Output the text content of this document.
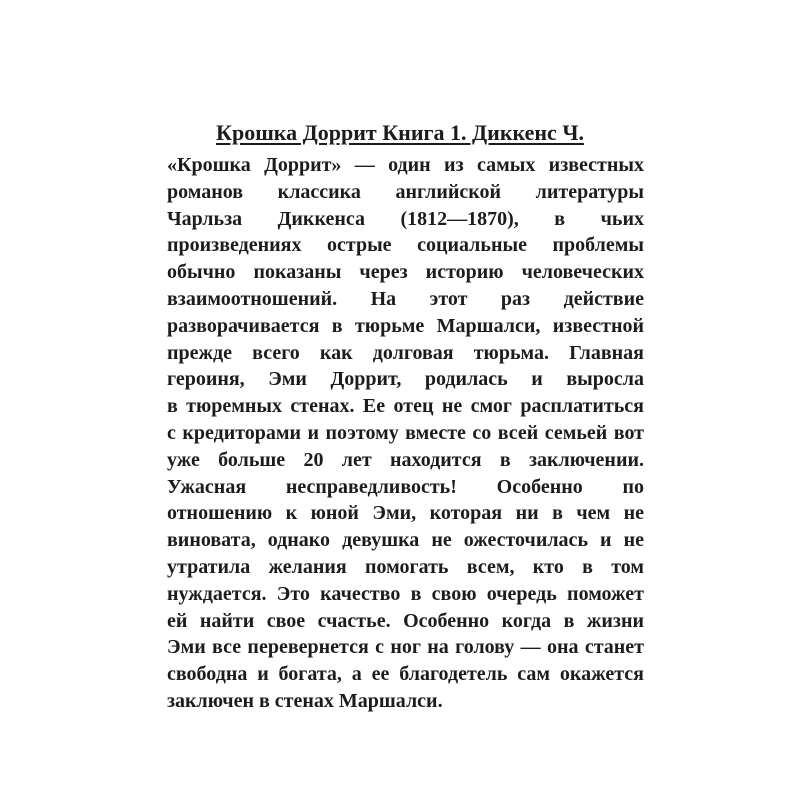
Крошка Доррит Книга 1. Диккенс Ч.
«Крошка Доррит» — один из самых известных
романов классика английской литературы
Чарльза Диккенса (1812—1870), в чьих
произведениях острые социальные проблемы
обычно показаны через историю человеческих
взаимоотношений. На этот раз действие
разворачивается в тюрьме Маршалси, известной
прежде всего как долговая тюрьма. Главная
героиня, Эми Доррит, родилась и выросла
в тюремных стенах. Ее отец не смог расплатиться
с кредиторами и поэтому вместе со всей семьей вот
уже больше 20 лет находится в заключении.
Ужасная несправедливость! Особенно по
отношению к юной Эми, которая ни в чем не
виновата, однако девушка не ожесточилась и не
утратила желания помогать всем, кто в том
нуждается. Это качество в свою очередь поможет
ей найти свое счастье. Особенно когда в жизни
Эми все перевернется с ног на голову — она станет
свободна и богата, а ее благодетель сам окажется
заключен в стенах Маршалси.
